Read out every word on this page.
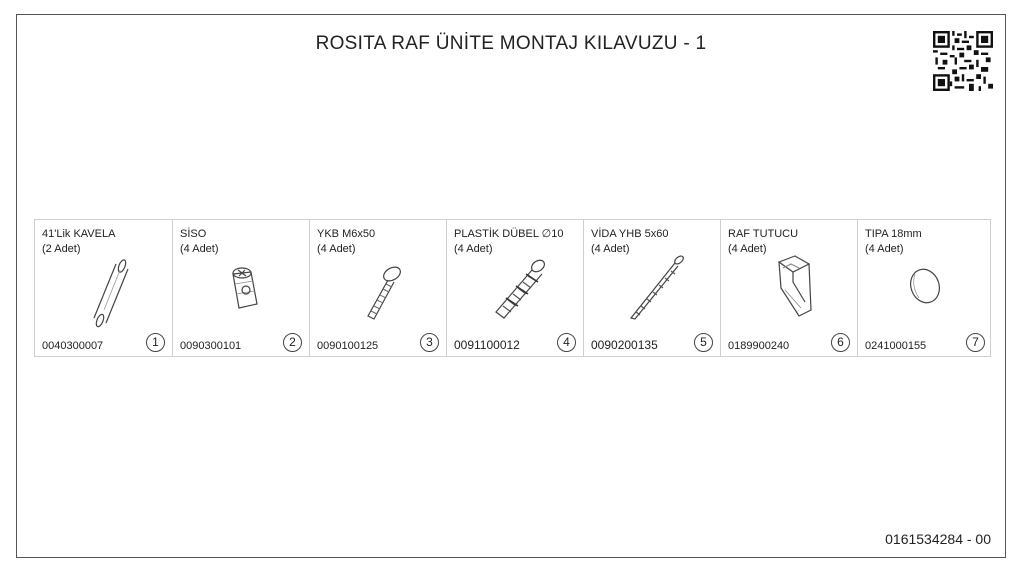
ROSITA RAF ÜNİTE MONTAJ KILAVUZU - 1
41'Lik KAVELA
(2 Adet)
0040300007	1
SİSO
(4 Adet)
0090300101	2
YKB M6x50
(4 Adet)
0090100125	3
PLASTİK DÜBEL ∅10
(4 Adet)
0091100012	4
VİDA YHB 5x60
(4 Adet)
0090200135	5
RAF TUTUCU
(4 Adet)
0189900240	6
TIPA 18mm
(4 Adet)
0241000155	7
0161534284 - 00
